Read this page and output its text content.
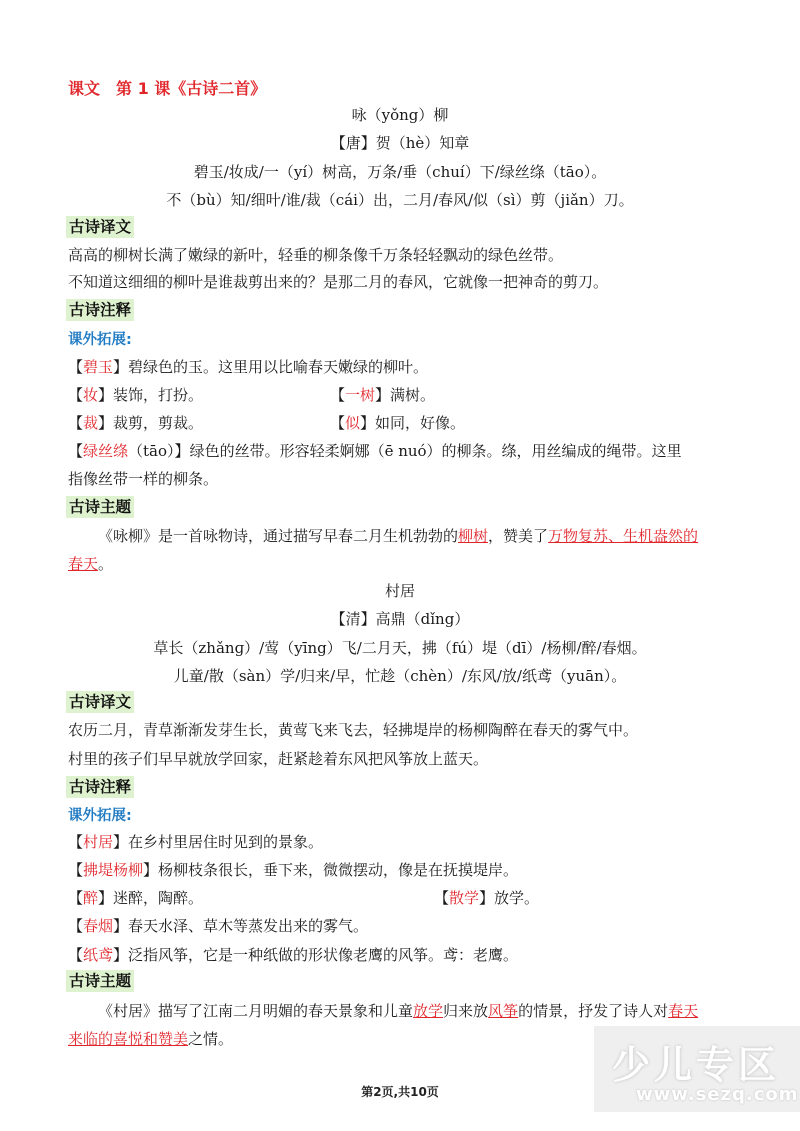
课文　第 1 课《古诗二首》
咏（yǒng）柳
【唐】贺（hè）知章
碧玉/妆成/一（yí）树高，万条/垂（chuí）下/绿丝绦（tāo）。
不（bù）知/细叶/谁/裁（cái）出，二月/春风/似（sì）剪（jiǎn）刀。
古诗译文
高高的柳树长满了嫩绿的新叶，轻垂的柳条像千万条轻轻飘动的绿色丝带。
不知道这细细的柳叶是谁裁剪出来的？是那二月的春风，它就像一把神奇的剪刀。
古诗注释
课外拓展:
【碧玉】碧绿色的玉。这里用以比喻春天嫩绿的柳叶。
【妆】装饰，打扮。	【一树】满树。
【裁】裁剪，剪裁。	【似】如同，好像。
【绿丝绦（tāo）】绿色的丝带。形容轻柔婀娜（ē nuó）的柳条。绦，用丝编成的绳带。这里
指像丝带一样的柳条。
古诗主题
《咏柳》是一首咏物诗，通过描写早春二月生机勃勃的柳树，赞美了万物复苏、生机盎然的
春天。
村居
【清】高鼎（dǐng）
草长（zhǎnɡ）/莺（yīng）飞/二月天，拂（fú）堤（dī）/杨柳/醉/春烟。
儿童/散（sàn）学/归来/早，忙趁（chèn）/东风/放/纸鸢（yuān）。
古诗译文
农历二月，青草渐渐发芽生长，黄莺飞来飞去，轻拂堤岸的杨柳陶醉在春天的雾气中。
村里的孩子们早早就放学回家，赶紧趁着东风把风筝放上蓝天。
古诗注释
课外拓展:
【村居】在乡村里居住时见到的景象。
【拂堤杨柳】杨柳枝条很长，垂下来，微微摆动，像是在抚摸堤岸。
【醉】迷醉，陶醉。	【散学】放学。
【春烟】春天水泽、草木等蒸发出来的雾气。
【纸鸢】泛指风筝，它是一种纸做的形状像老鹰的风筝。鸢：老鹰。
古诗主题
《村居》描写了江南二月明媚的春天景象和儿童放学归来放风筝的情景，抒发了诗人对春天
来临的喜悦和赞美之情。
少儿专区
www.sezq.com
第2页,共10页
